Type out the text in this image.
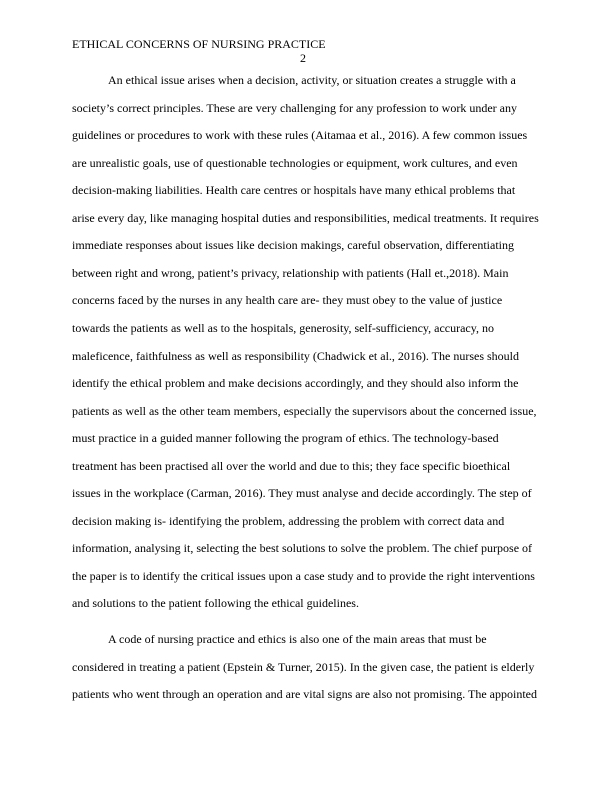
ETHICAL CONCERNS OF NURSING PRACTICE
2
An ethical issue arises when a decision, activity, or situation creates a struggle with a
society’s correct principles. These are very challenging for any profession to work under any
guidelines or procedures to work with these rules (Aitamaa et al., 2016). A few common issues
are unrealistic goals, use of questionable technologies or equipment, work cultures, and even
decision-making liabilities. Health care centres or hospitals have many ethical problems that
arise every day, like managing hospital duties and responsibilities, medical treatments. It requires
immediate responses about issues like decision makings, careful observation, differentiating
between right and wrong, patient’s privacy, relationship with patients (Hall et.,2018). Main
concerns faced by the nurses in any health care are- they must obey to the value of justice
towards the patients as well as to the hospitals, generosity, self-sufficiency, accuracy, no
maleficence, faithfulness as well as responsibility (Chadwick et al., 2016). The nurses should
identify the ethical problem and make decisions accordingly, and they should also inform the
patients as well as the other team members, especially the supervisors about the concerned issue,
must practice in a guided manner following the program of ethics. The technology-based
treatment has been practised all over the world and due to this; they face specific bioethical
issues in the workplace (Carman, 2016). They must analyse and decide accordingly. The step of
decision making is- identifying the problem, addressing the problem with correct data and
information, analysing it, selecting the best solutions to solve the problem. The chief purpose of
the paper is to identify the critical issues upon a case study and to provide the right interventions
and solutions to the patient following the ethical guidelines.
A code of nursing practice and ethics is also one of the main areas that must be
considered in treating a patient (Epstein & Turner, 2015). In the given case, the patient is elderly
patients who went through an operation and are vital signs are also not promising. The appointed
